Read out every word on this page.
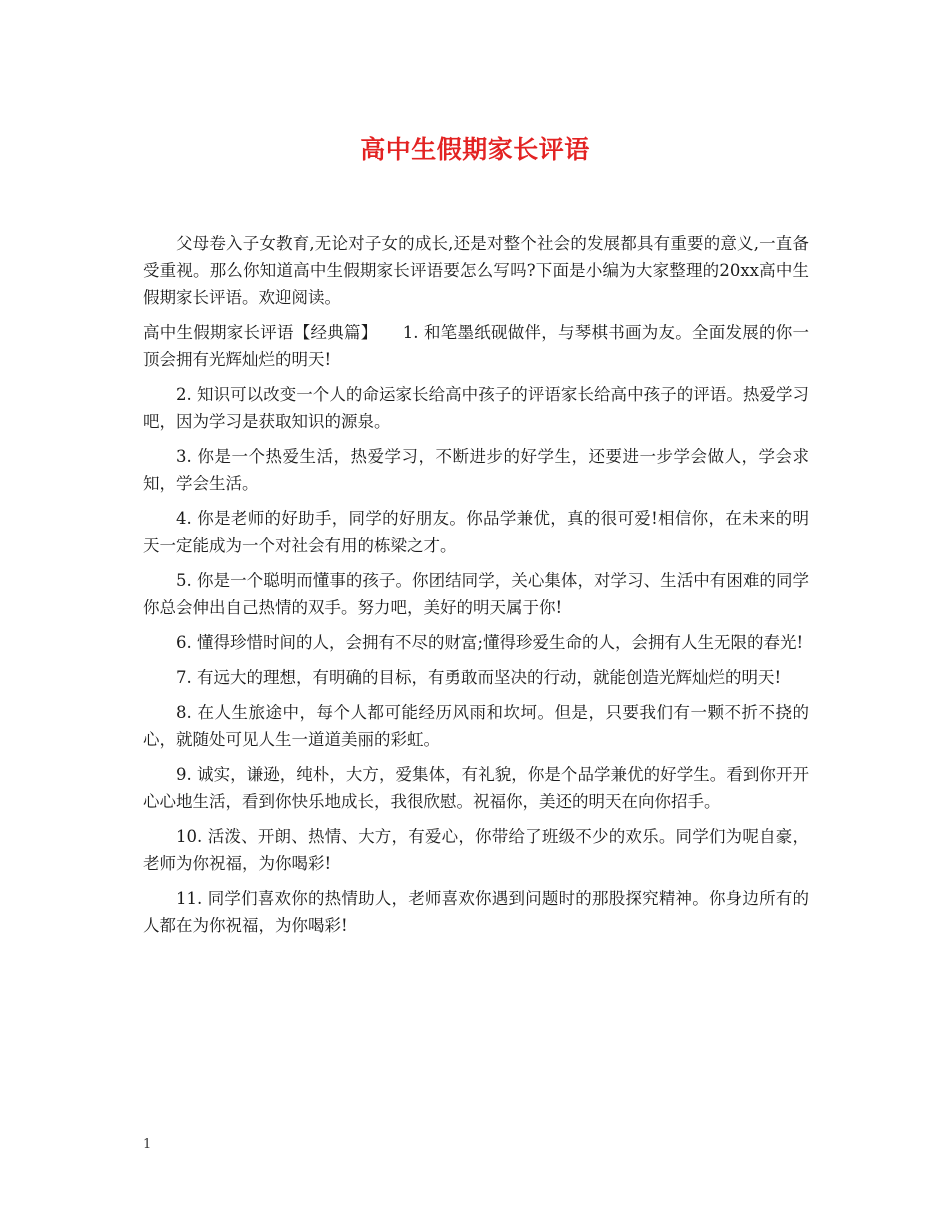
高中生假期家长评语

父母卷入子女教育,无论对子女的成长,还是对整个社会的发展都具有重要的意义,一直备受重视。那么你知道高中生假期家长评语要怎么写吗?下面是小编为大家整理的20xx高中生假期家长评语。欢迎阅读。

高中生假期家长评语【经典篇】　　1. 和笔墨纸砚做伴，与琴棋书画为友。全面发展的你一顶会拥有光辉灿烂的明天!

2. 知识可以改变一个人的命运家长给高中孩子的评语家长给高中孩子的评语。热爱学习吧，因为学习是获取知识的源泉。

3. 你是一个热爱生活，热爱学习，不断进步的好学生，还要进一步学会做人，学会求知，学会生活。

4. 你是老师的好助手，同学的好朋友。你品学兼优，真的很可爱!相信你，在未来的明天一定能成为一个对社会有用的栋梁之才。

5. 你是一个聪明而懂事的孩子。你团结同学，关心集体，对学习、生活中有困难的同学你总会伸出自己热情的双手。努力吧，美好的明天属于你!

6. 懂得珍惜时间的人，会拥有不尽的财富;懂得珍爱生命的人，会拥有人生无限的春光!

7. 有远大的理想，有明确的目标，有勇敢而坚决的行动，就能创造光辉灿烂的明天!

8. 在人生旅途中，每个人都可能经历风雨和坎坷。但是，只要我们有一颗不折不挠的心，就随处可见人生一道道美丽的彩虹。

9. 诚实，谦逊，纯朴，大方，爱集体，有礼貌，你是个品学兼优的好学生。看到你开开心心地生活，看到你快乐地成长，我很欣慰。祝福你，美还的明天在向你招手。

10. 活泼、开朗、热情、大方，有爱心，你带给了班级不少的欢乐。同学们为呢自豪，老师为你祝福，为你喝彩!

11. 同学们喜欢你的热情助人，老师喜欢你遇到问题时的那股探究精神。你身边所有的人都在为你祝福，为你喝彩!

1
